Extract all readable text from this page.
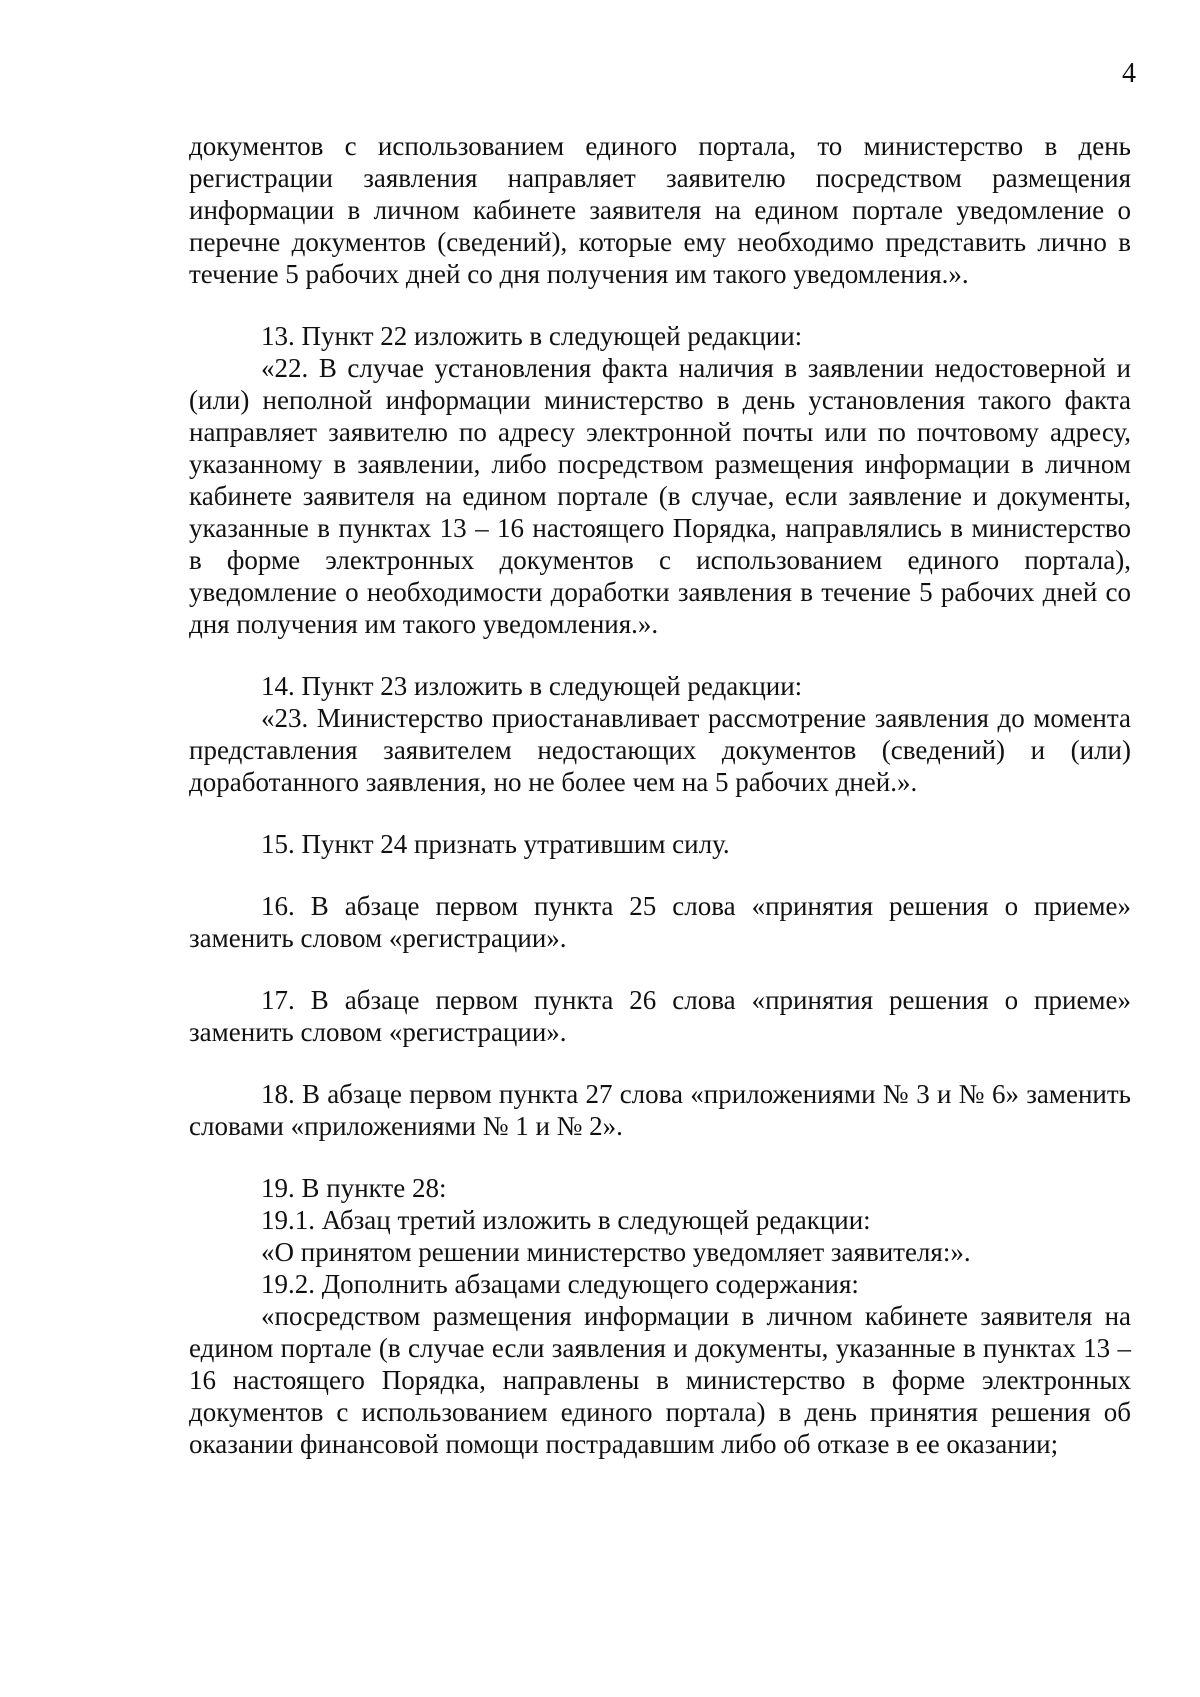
4

документов с использованием единого портала, то министерство в день регистрации заявления направляет заявителю посредством размещения информации в личном кабинете заявителя на едином портале уведомление о перечне документов (сведений), которые ему необходимо представить лично в течение 5 рабочих дней со дня получения им такого уведомления.».

13. Пункт 22 изложить в следующей редакции:

«22. В случае установления факта наличия в заявлении недостоверной и (или) неполной информации министерство в день установления такого факта направляет заявителю по адресу электронной почты или по почтовому адресу, указанному в заявлении, либо посредством размещения информации в личном кабинете заявителя на едином портале (в случае, если заявление и документы, указанные в пунктах 13 – 16 настоящего Порядка, направлялись в министерство в форме электронных документов с использованием единого портала), уведомление о необходимости доработки заявления в течение 5 рабочих дней со дня получения им такого уведомления.».

14. Пункт 23 изложить в следующей редакции:

«23. Министерство приостанавливает рассмотрение заявления до момента представления заявителем недостающих документов (сведений) и (или) доработанного заявления, но не более чем на 5 рабочих дней.».

15. Пункт 24 признать утратившим силу.

16. В абзаце первом пункта 25 слова «принятия решения о приеме» заменить словом «регистрации».

17. В абзаце первом пункта 26 слова «принятия решения о приеме» заменить словом «регистрации».

18. В абзаце первом пункта 27 слова «приложениями № 3 и № 6» заменить словами «приложениями № 1 и № 2».

19. В пункте 28:

19.1. Абзац третий изложить в следующей редакции:

«О принятом решении министерство уведомляет заявителя:».

19.2. Дополнить абзацами следующего содержания:

«посредством размещения информации в личном кабинете заявителя на едином портале (в случае если заявления и документы, указанные в пунктах 13 – 16 настоящего Порядка, направлены в министерство в форме электронных документов с использованием единого портала) в день принятия решения об оказании финансовой помощи пострадавшим либо об отказе в ее оказании;
